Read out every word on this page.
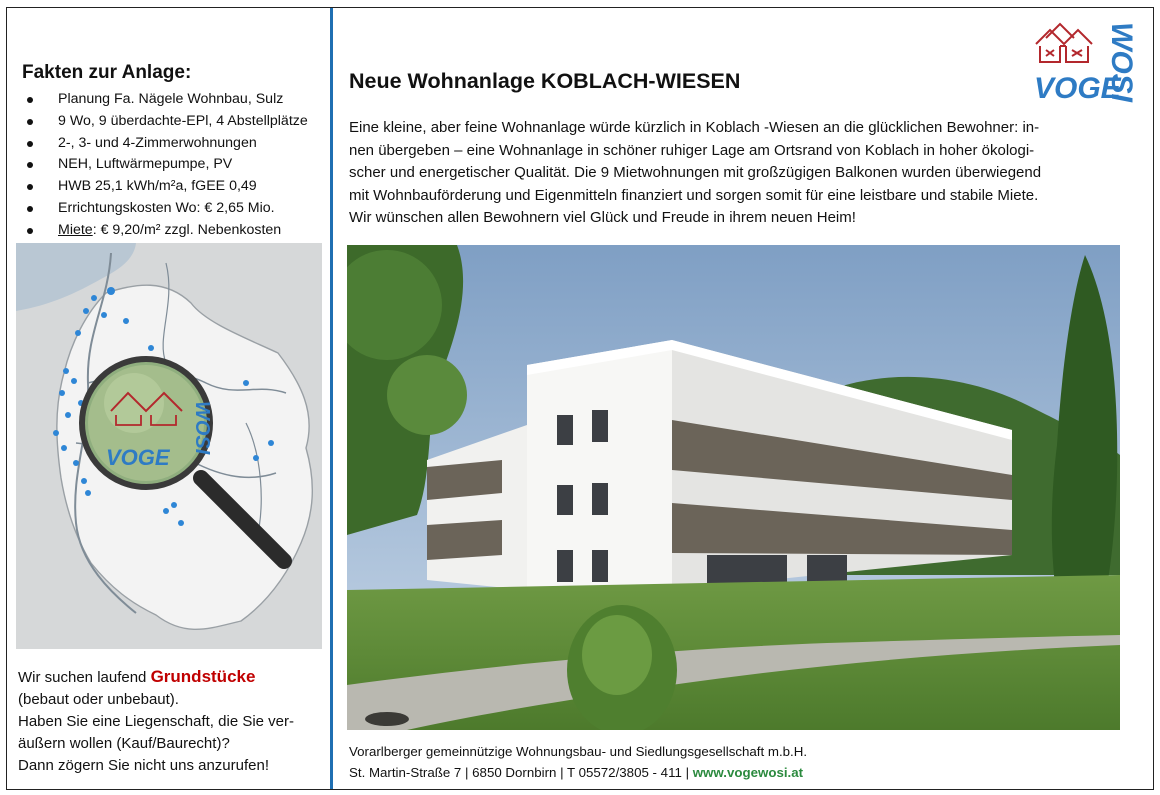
Fakten zur Anlage:
Planung Fa. Nägele Wohnbau, Sulz
9 Wo, 9 überdachte-EPl, 4 Abstellplätze
2-, 3- und 4-Zimmerwohnungen
NEH, Luftwärmepumpe, PV
HWB 25,1 kWh/m²a, fGEE 0,49
Errichtungskosten Wo: € 2,65 Mio.
Miete: € 9,20/m² zzgl. Nebenkosten
VOGE
WOSI
Wir suchen laufend Grundstücke
(bebaut oder unbebaut).
Haben Sie eine Liegenschaft, die Sie ver-
äußern wollen (Kauf/Baurecht)?
Dann zögern Sie nicht uns anzurufen!
VOGE
WOSI
Neue Wohnanlage KOBLACH-WIESEN
Eine kleine, aber feine Wohnanlage würde kürzlich in Koblach -Wiesen an die glücklichen Bewohner: in-
nen übergeben – eine Wohnanlage in schöner ruhiger Lage am Ortsrand von Koblach in hoher ökologi-
scher und energetischer Qualität. Die 9 Mietwohnungen mit großzügigen Balkonen wurden überwiegend
mit Wohnbauförderung und Eigenmitteln finanziert und sorgen somit für eine leistbare und stabile Miete.
Wir wünschen allen Bewohnern viel Glück und Freude in ihrem neuen Heim!
Vorarlberger gemeinnützige Wohnungsbau- und Siedlungsgesellschaft m.b.H.
St. Martin-Straße 7 | 6850 Dornbirn | T 05572/3805 - 411 | www.vogewosi.at
